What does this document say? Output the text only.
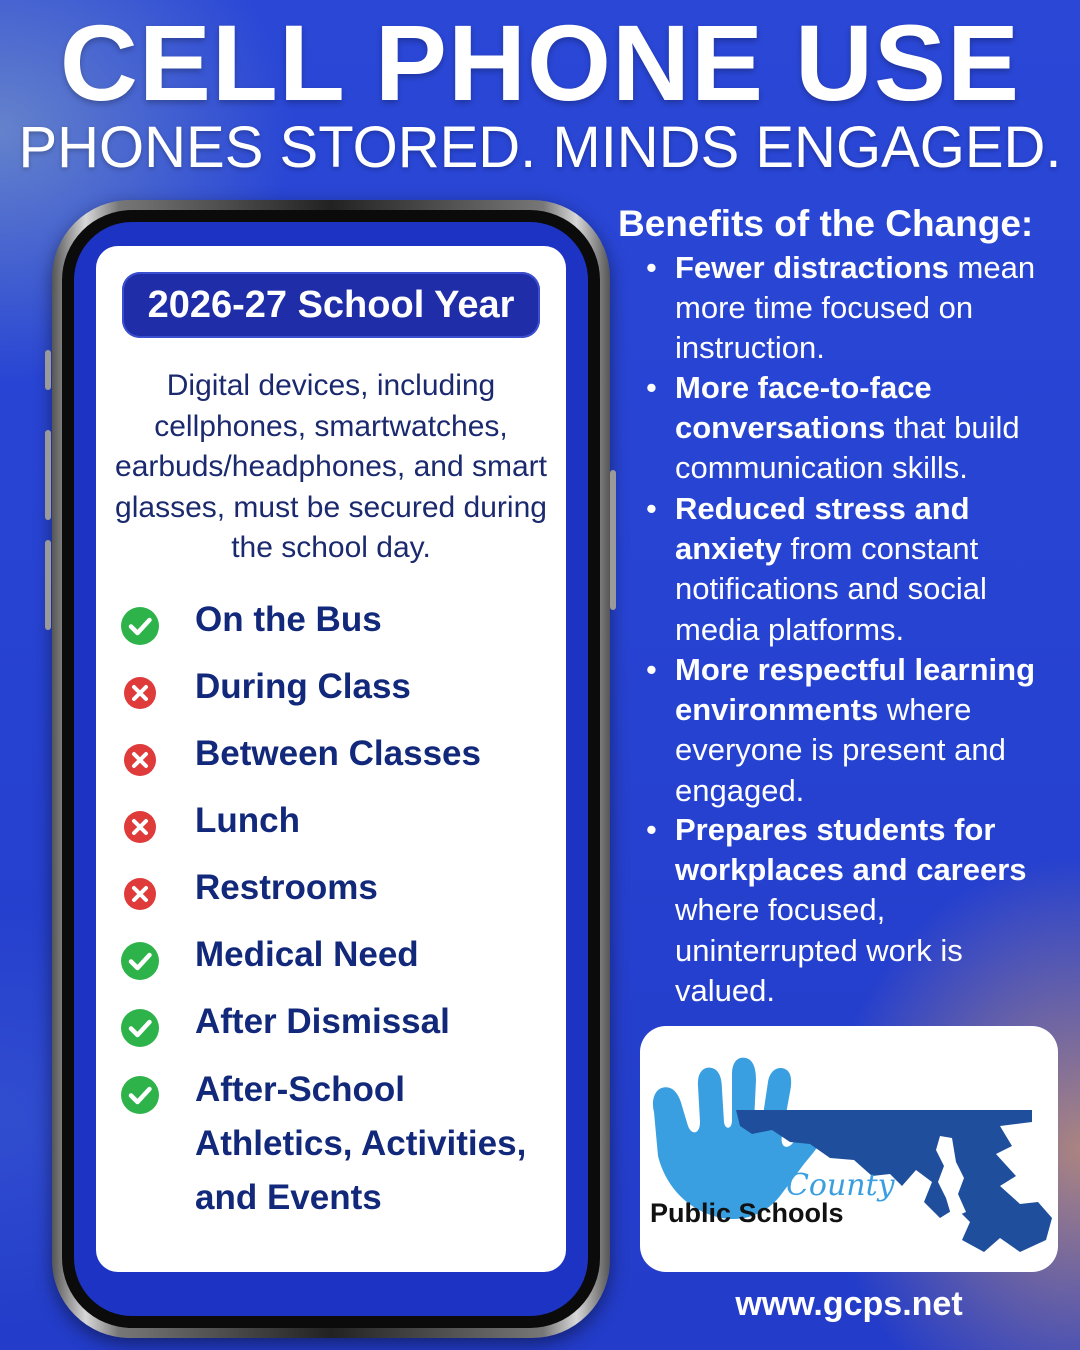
CELL PHONE USE
PHONES STORED. MINDS ENGAGED.
2026-27 School Year
Digital devices, including cellphones, smartwatches, earbuds/headphones, and smart glasses, must be secured during the school day.
On the Bus
During Class
Between Classes
Lunch
Restrooms
Medical Need
After Dismissal
After-School Athletics, Activities, and Events
Benefits of the Change:
• Fewer distractions mean more time focused on instruction.
• More face-to-face conversations that build communication skills.
• Reduced stress and anxiety from constant notifications and social media platforms.
• More respectful learning environments where everyone is present and engaged.
• Prepares students for workplaces and careers where focused, uninterrupted work is valued.
arrett County
Public Schools
www.gcps.net
